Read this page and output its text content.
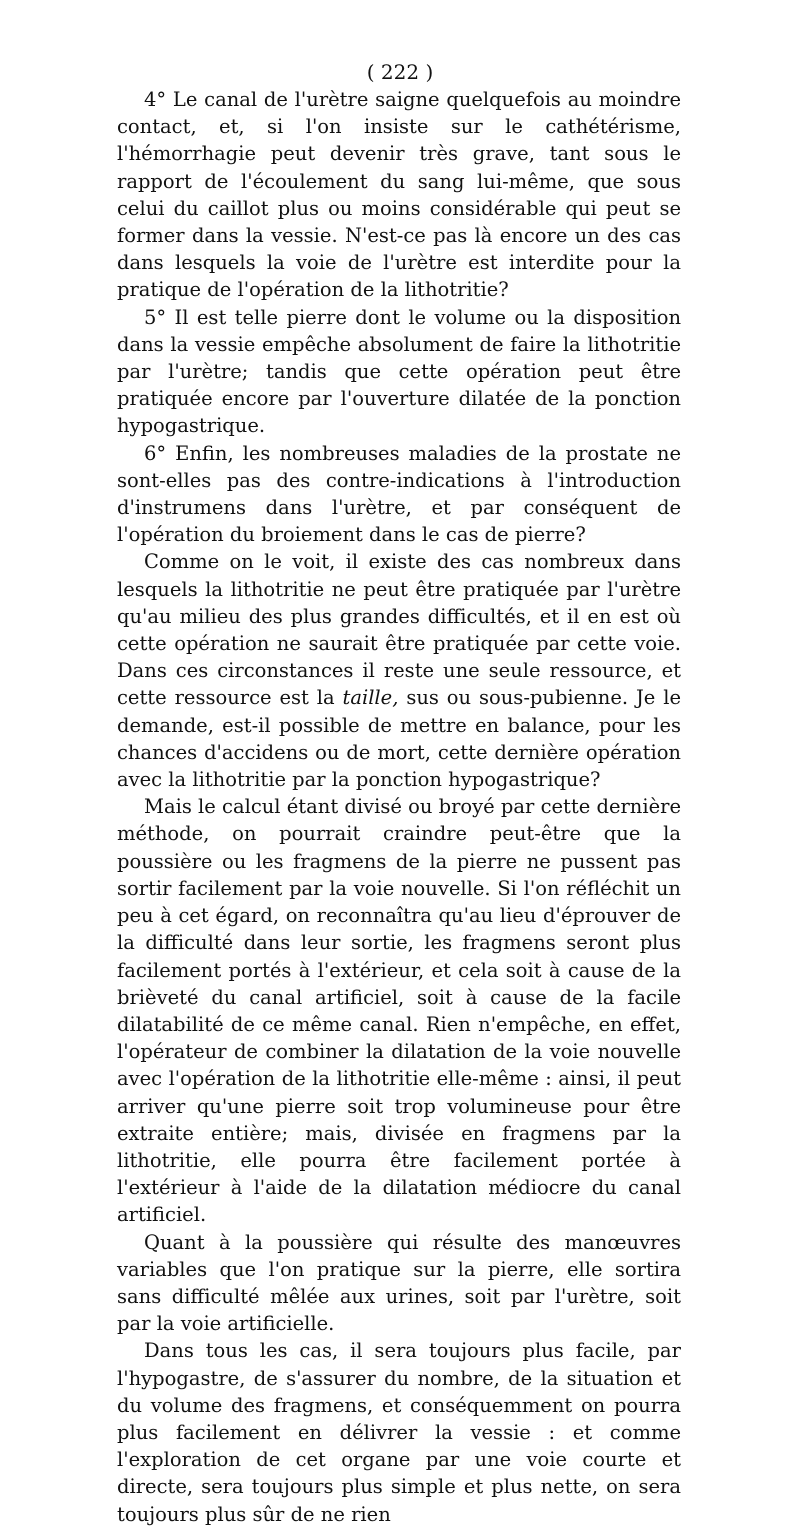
( 222 )

4° Le canal de l'urètre saigne quelquefois au moindre contact, et, si l'on insiste sur le cathétérisme, l'hémorrhagie peut devenir très grave, tant sous le rapport de l'écoulement du sang lui-même, que sous celui du caillot plus ou moins considérable qui peut se former dans la vessie. N'est-ce pas là encore un des cas dans lesquels la voie de l'urètre est interdite pour la pratique de l'opération de la lithotritie?

5° Il est telle pierre dont le volume ou la disposition dans la vessie empêche absolument de faire la lithotritie par l'urètre; tandis que cette opération peut être pratiquée encore par l'ouverture dilatée de la ponction hypogastrique.

6° Enfin, les nombreuses maladies de la prostate ne sont-elles pas des contre-indications à l'introduction d'instrumens dans l'urètre, et par conséquent de l'opération du broiement dans le cas de pierre?

Comme on le voit, il existe des cas nombreux dans lesquels la lithotritie ne peut être pratiquée par l'urètre qu'au milieu des plus grandes difficultés, et il en est où cette opération ne saurait être pratiquée par cette voie. Dans ces circonstances il reste une seule ressource, et cette ressource est la taille, sus ou sous-pubienne. Je le demande, est-il possible de mettre en balance, pour les chances d'accidens ou de mort, cette dernière opération avec la lithotritie par la ponction hypogastrique?

Mais le calcul étant divisé ou broyé par cette dernière méthode, on pourrait craindre peut-être que la poussière ou les fragmens de la pierre ne pussent pas sortir facilement par la voie nouvelle. Si l'on réfléchit un peu à cet égard, on reconnaîtra qu'au lieu d'éprouver de la difficulté dans leur sortie, les fragmens seront plus facilement portés à l'extérieur, et cela soit à cause de la brièveté du canal artificiel, soit à cause de la facile dilatabilité de ce même canal. Rien n'empêche, en effet, l'opérateur de combiner la dilatation de la voie nouvelle avec l'opération de la lithotritie elle-même : ainsi, il peut arriver qu'une pierre soit trop volumineuse pour être extraite entière; mais, divisée en fragmens par la lithotritie, elle pourra être facilement portée à l'extérieur à l'aide de la dilatation médiocre du canal artificiel.

Quant à la poussière qui résulte des manœuvres variables que l'on pratique sur la pierre, elle sortira sans difficulté mêlée aux urines, soit par l'urètre, soit par la voie artificielle.

Dans tous les cas, il sera toujours plus facile, par l'hypogastre, de s'assurer du nombre, de la situation et du volume des fragmens, et conséquemment on pourra plus facilement en délivrer la vessie : et comme l'exploration de cet organe par une voie courte et directe, sera toujours plus simple et plus nette, on sera toujours plus sûr de ne rien
